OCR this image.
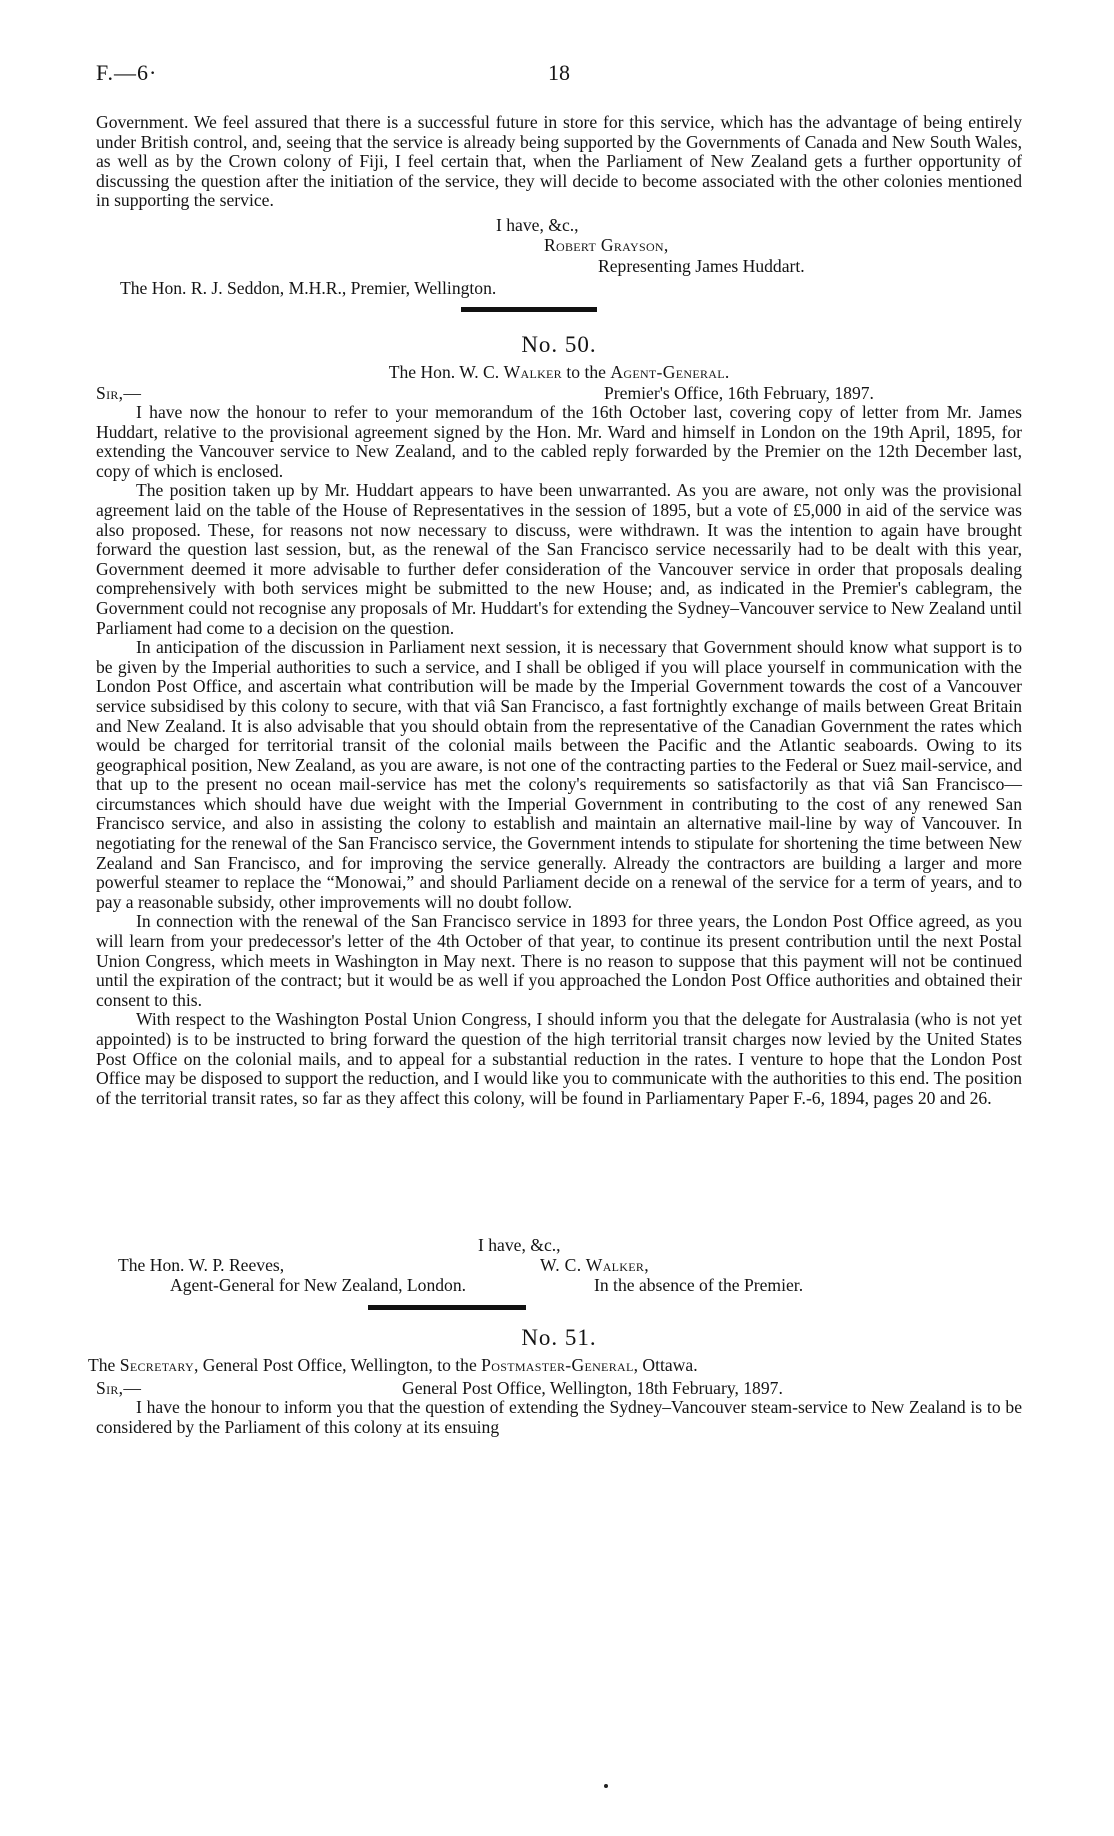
F.—6·	18

Government. We feel assured that there is a successful future in store for this service, which has the advantage of being entirely under British control, and, seeing that the service is already being supported by the Governments of Canada and New South Wales, as well as by the Crown colony of Fiji, I feel certain that, when the Parliament of New Zealand gets a further opportunity of discussing the question after the initiation of the service, they will decide to become associated with the other colonies mentioned in supporting the service.

I have, &c.,
Robert Grayson,
Representing James Huddart.
The Hon. R. J. Seddon, M.H.R., Premier, Wellington.
No. 50.
The Hon. W. C. Walker to the Agent-General.
Sir,—	Premier's Office, 16th February, 1897.

I have now the honour to refer to your memorandum of the 16th October last, covering copy of letter from Mr. James Huddart, relative to the provisional agreement signed by the Hon. Mr. Ward and himself in London on the 19th April, 1895, for extending the Vancouver service to New Zealand, and to the cabled reply forwarded by the Premier on the 12th December last, copy of which is enclosed.

The position taken up by Mr. Huddart appears to have been unwarranted. As you are aware, not only was the provisional agreement laid on the table of the House of Representatives in the session of 1895, but a vote of £5,000 in aid of the service was also proposed. These, for reasons not now necessary to discuss, were withdrawn. It was the intention to again have brought forward the question last session, but, as the renewal of the San Francisco service necessarily had to be dealt with this year, Government deemed it more advisable to further defer consideration of the Vancouver service in order that proposals dealing comprehensively with both services might be submitted to the new House; and, as indicated in the Premier's cablegram, the Government could not recognise any proposals of Mr. Huddart's for extending the Sydney–Vancouver service to New Zealand until Parliament had come to a decision on the question.

In anticipation of the discussion in Parliament next session, it is necessary that Government should know what support is to be given by the Imperial authorities to such a service, and I shall be obliged if you will place yourself in communication with the London Post Office, and ascertain what contribution will be made by the Imperial Government towards the cost of a Vancouver service subsidised by this colony to secure, with that viâ San Francisco, a fast fortnightly exchange of mails between Great Britain and New Zealand. It is also advisable that you should obtain from the representative of the Canadian Government the rates which would be charged for territorial transit of the colonial mails between the Pacific and the Atlantic seaboards. Owing to its geographical position, New Zealand, as you are aware, is not one of the contracting parties to the Federal or Suez mail-service, and that up to the present no ocean mail-service has met the colony's requirements so satisfactorily as that viâ San Francisco—circumstances which should have due weight with the Imperial Government in contributing to the cost of any renewed San Francisco service, and also in assisting the colony to establish and maintain an alternative mail-line by way of Vancouver. In negotiating for the renewal of the San Francisco service, the Government intends to stipulate for shortening the time between New Zealand and San Francisco, and for improving the service generally. Already the contractors are building a larger and more powerful steamer to replace the “Monowai,” and should Parliament decide on a renewal of the service for a term of years, and to pay a reasonable subsidy, other improvements will no doubt follow.

In connection with the renewal of the San Francisco service in 1893 for three years, the London Post Office agreed, as you will learn from your predecessor's letter of the 4th October of that year, to continue its present contribution until the next Postal Union Congress, which meets in Washington in May next. There is no reason to suppose that this payment will not be continued until the expiration of the contract; but it would be as well if you approached the London Post Office authorities and obtained their consent to this.

With respect to the Washington Postal Union Congress, I should inform you that the delegate for Australasia (who is not yet appointed) is to be instructed to bring forward the question of the high territorial transit charges now levied by the United States Post Office on the colonial mails, and to appeal for a substantial reduction in the rates. I venture to hope that the London Post Office may be disposed to support the reduction, and I would like you to communicate with the authorities to this end. The position of the territorial transit rates, so far as they affect this colony, will be found in Parliamentary Paper F.-6, 1894, pages 20 and 26.

I have, &c.,
The Hon. W. P. Reeves,	W. C. Walker,
Agent-General for New Zealand, London.	In the absence of the Premier.
No. 51.
The Secretary, General Post Office, Wellington, to the Postmaster-General, Ottawa.
Sir,—	General Post Office, Wellington, 18th February, 1897.

I have the honour to inform you that the question of extending the Sydney–Vancouver steam-service to New Zealand is to be considered by the Parliament of this colony at its ensuing
